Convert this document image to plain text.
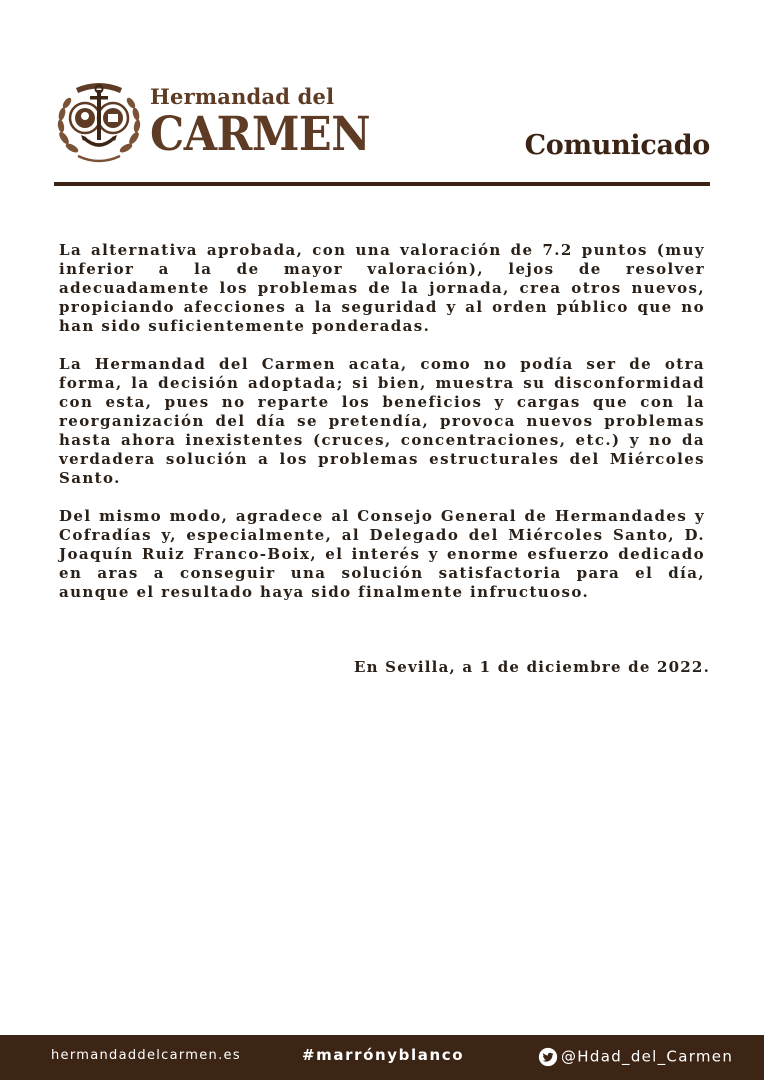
Hermandad del
CARMEN	Comunicado

La alternativa aprobada, con una valoración de 7.2 puntos (muy inferior a la de mayor valoración), lejos de resolver adecuadamente los problemas de la jornada, crea otros nuevos, propiciando afecciones a la seguridad y al orden público que no han sido suficientemente ponderadas.

La Hermandad del Carmen acata, como no podía ser de otra forma, la decisión adoptada; si bien, muestra su disconformidad con esta, pues no reparte los beneficios y cargas que con la reorganización del día se pretendía, provoca nuevos problemas hasta ahora inexistentes (cruces, concentraciones, etc.) y no da verdadera solución a los problemas estructurales del Miércoles Santo.

Del mismo modo, agradece al Consejo General de Hermandades y Cofradías y, especialmente, al Delegado del Miércoles Santo, D. Joaquín Ruiz Franco-Boix, el interés y enorme esfuerzo dedicado en aras a conseguir una solución satisfactoria para el día, aunque el resultado haya sido finalmente infructuoso.

En Sevilla, a 1 de diciembre de 2022.
hermandaddelcarmen.es	#marrónyblanco	@Hdad_del_Carmen
